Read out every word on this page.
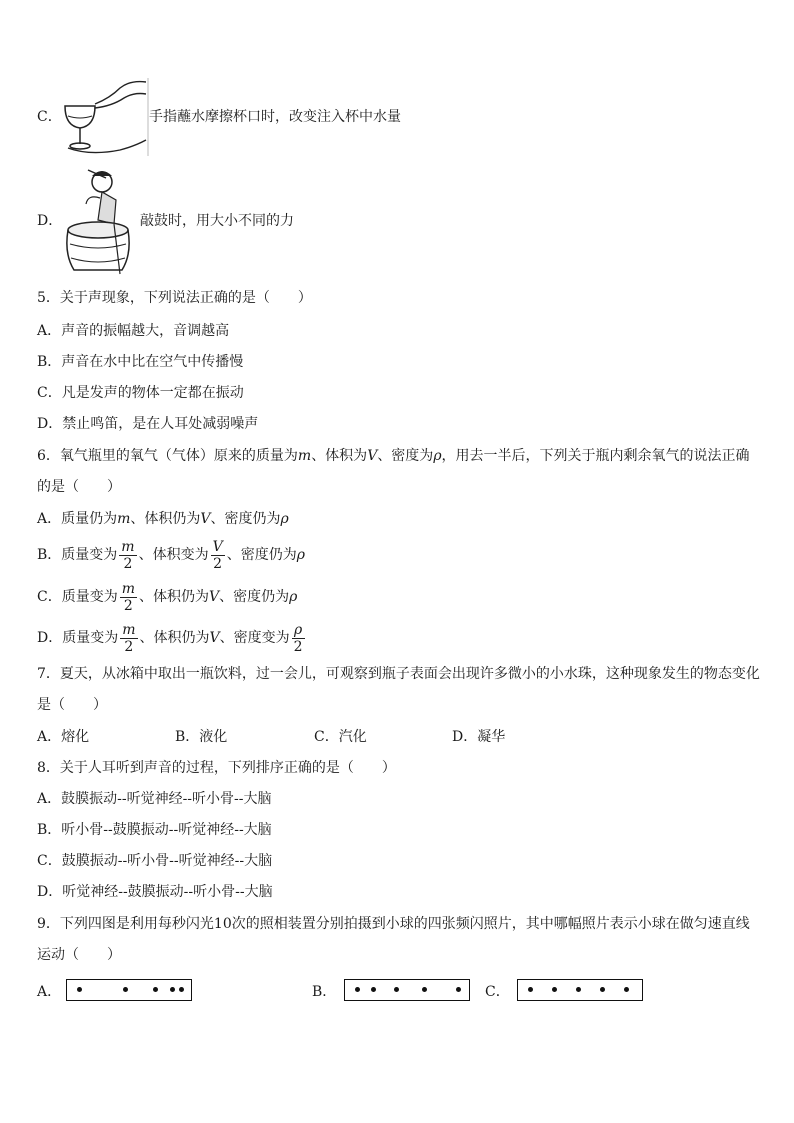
C．	手指蘸水摩擦杯口时，改变注入杯中水量
D．	敲鼓时，用大小不同的力
5．关于声现象，下列说法正确的是（　　）
A．声音的振幅越大，音调越高
B．声音在水中比在空气中传播慢
C．凡是发声的物体一定都在振动
D．禁止鸣笛，是在人耳处减弱噪声
6．氧气瓶里的氧气（气体）原来的质量为m、体积为V、密度为ρ，用去一半后，下列关于瓶内剩余氧气的说法正确
的是（　　）
A．质量仍为m、体积仍为V、密度仍为ρ
B．质量变为 $\frac{m}{2}$ 、体积变为 $\frac{V}{2}$ 、密度仍为ρ
C．质量变为 $\frac{m}{2}$ 、体积仍为V、密度仍为ρ
D．质量变为 $\frac{m}{2}$ 、体积仍为V、密度变为 $\frac{\rho}{2}$
7．夏天，从冰箱中取出一瓶饮料，过一会儿，可观察到瓶子表面会出现许多微小的小水珠，这种现象发生的物态变化
是（　　）
A．熔化	B．液化	C．汽化	D．凝华
8．关于人耳听到声音的过程，下列排序正确的是（　　）
A．鼓膜振动--听觉神经--听小骨--大脑
B．听小骨--鼓膜振动--听觉神经--大脑
C．鼓膜振动--听小骨--听觉神经--大脑
D．听觉神经--鼓膜振动--听小骨--大脑
9．下列四图是利用每秒闪光10次的照相装置分别拍摄到小球的四张频闪照片，其中哪幅照片表示小球在做匀速直线
运动（　　）
A．	B．	C．
